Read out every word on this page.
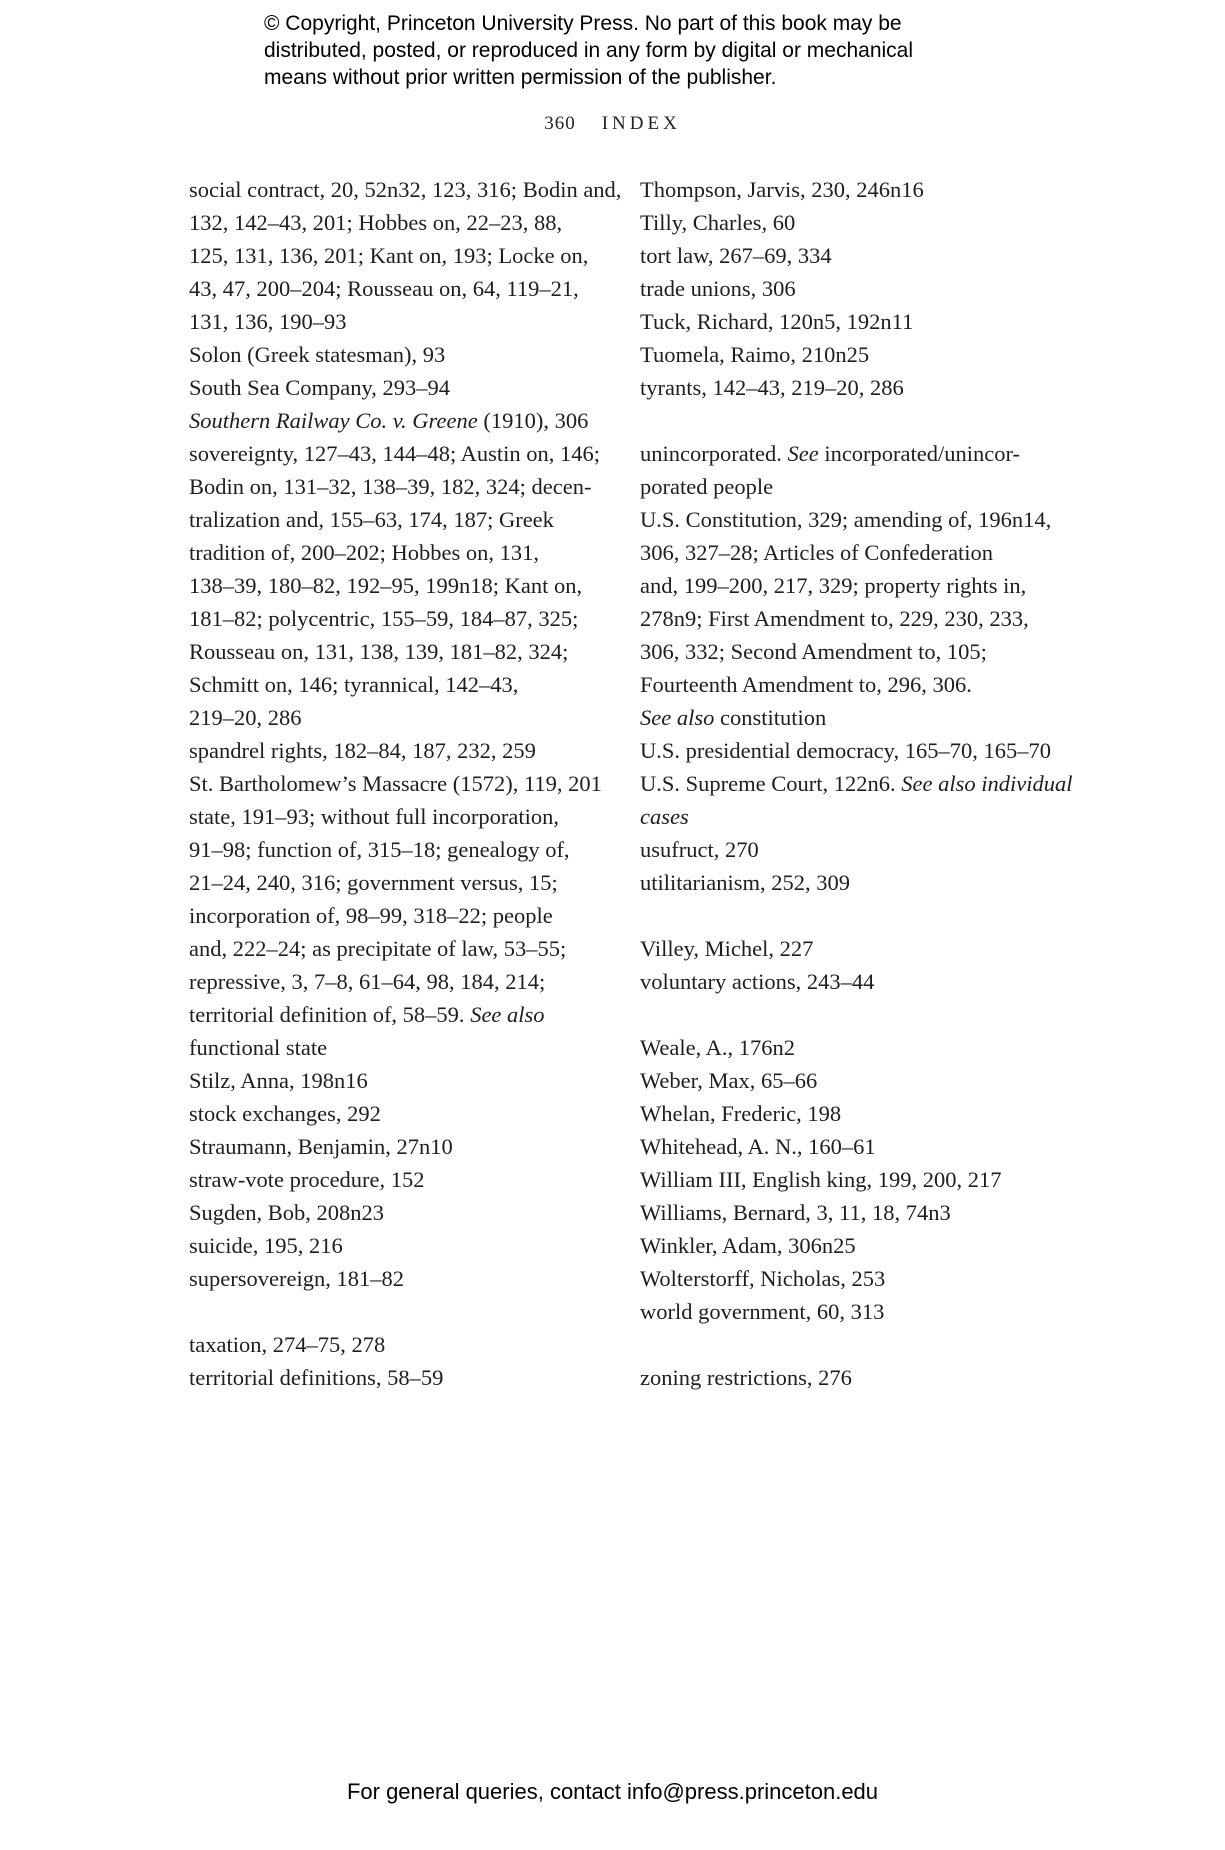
© Copyright, Princeton University Press. No part of this book may be
distributed, posted, or reproduced in any form by digital or mechanical
means without prior written permission of the publisher.
360 INDEX
social contract, 20, 52n32, 123, 316; Bodin and,
132, 142–43, 201; Hobbes on, 22–23, 88,
125, 131, 136, 201; Kant on, 193; Locke on,
43, 47, 200–204; Rousseau on, 64, 119–21,
131, 136, 190–93
Solon (Greek statesman), 93
South Sea Company, 293–94
Southern Railway Co. v. Greene (1910), 306
sovereignty, 127–43, 144–48; Austin on, 146;
Bodin on, 131–32, 138–39, 182, 324; decen-
tralization and, 155–63, 174, 187; Greek
tradition of, 200–202; Hobbes on, 131,
138–39, 180–82, 192–95, 199n18; Kant on,
181–82; polycentric, 155–59, 184–87, 325;
Rousseau on, 131, 138, 139, 181–82, 324;
Schmitt on, 146; tyrannical, 142–43,
219–20, 286
spandrel rights, 182–84, 187, 232, 259
St. Bartholomew’s Massacre (1572), 119, 201
state, 191–93; without full incorporation,
91–98; function of, 315–18; genealogy of,
21–24, 240, 316; government versus, 15;
incorporation of, 98–99, 318–22; people
and, 222–24; as precipitate of law, 53–55;
repressive, 3, 7–8, 61–64, 98, 184, 214;
territorial definition of, 58–59. See also
functional state
Stilz, Anna, 198n16
stock exchanges, 292
Straumann, Benjamin, 27n10
straw-vote procedure, 152
Sugden, Bob, 208n23
suicide, 195, 216
supersovereign, 181–82
taxation, 274–75, 278
territorial definitions, 58–59
Thompson, Jarvis, 230, 246n16
Tilly, Charles, 60
tort law, 267–69, 334
trade unions, 306
Tuck, Richard, 120n5, 192n11
Tuomela, Raimo, 210n25
tyrants, 142–43, 219–20, 286
unincorporated. See incorporated/unincor-
porated people
U.S. Constitution, 329; amending of, 196n14,
306, 327–28; Articles of Confederation
and, 199–200, 217, 329; property rights in,
278n9; First Amendment to, 229, 230, 233,
306, 332; Second Amendment to, 105;
Fourteenth Amendment to, 296, 306.
See also constitution
U.S. presidential democracy, 165–70, 165–70
U.S. Supreme Court, 122n6. See also individual
cases
usufruct, 270
utilitarianism, 252, 309
Villey, Michel, 227
voluntary actions, 243–44
Weale, A., 176n2
Weber, Max, 65–66
Whelan, Frederic, 198
Whitehead, A. N., 160–61
William III, English king, 199, 200, 217
Williams, Bernard, 3, 11, 18, 74n3
Winkler, Adam, 306n25
Wolterstorff, Nicholas, 253
world government, 60, 313
zoning restrictions, 276
For general queries, contact info@press.princeton.edu
